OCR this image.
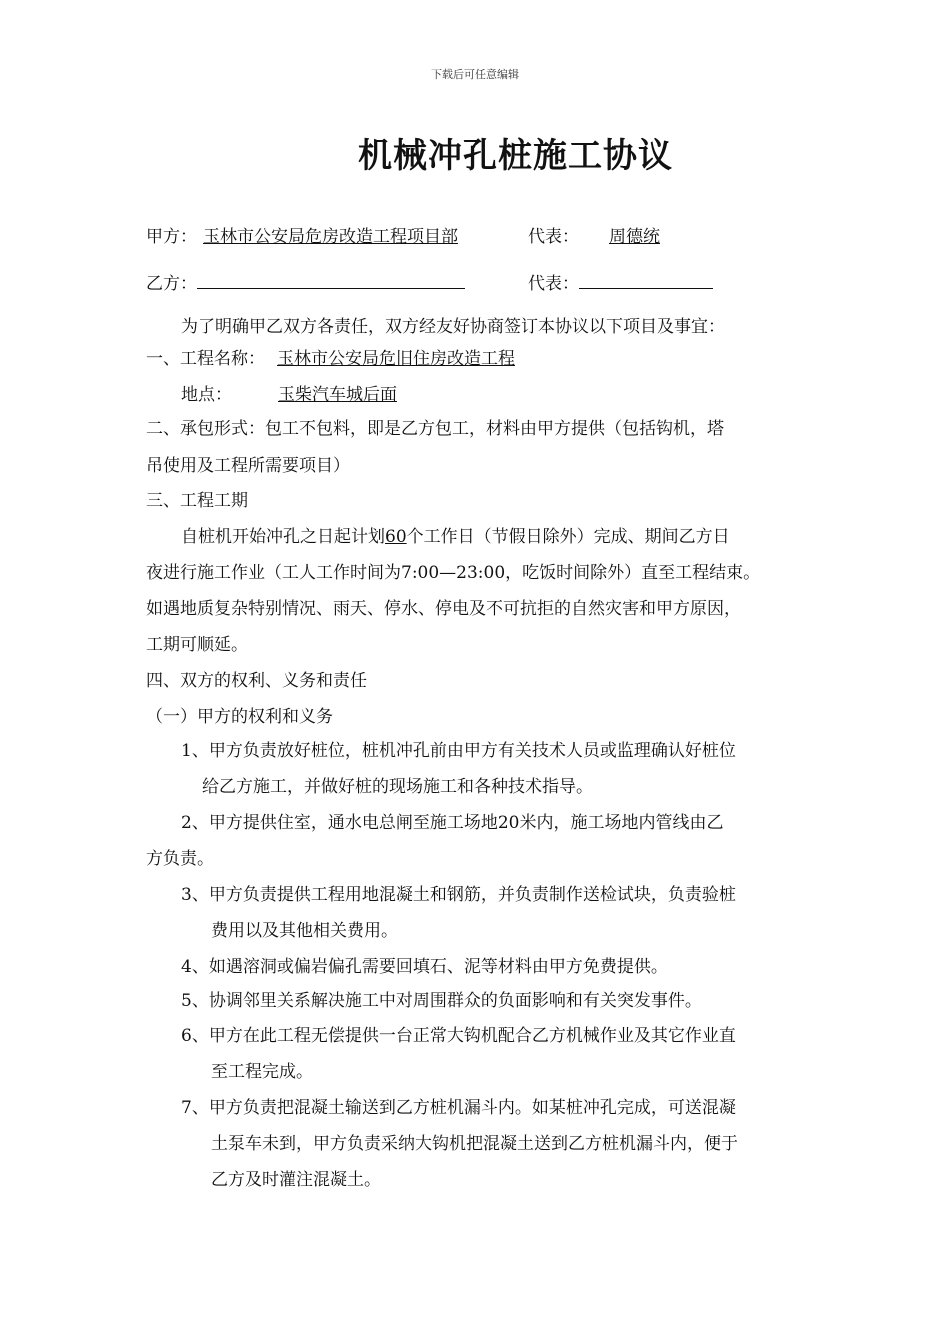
下载后可任意编辑
机械冲孔桩施工协议
甲方： 玉林市公安局危房改造工程项目部	代表： 周德统
乙方：	代表：
为了明确甲乙双方各责任，双方经友好协商签订本协议以下项目及事宜：
一、工程名称： 玉林市公安局危旧住房改造工程
地点：	玉柴汽车城后面
二、承包形式：包工不包料，即是乙方包工，材料由甲方提供（包括钩机，塔
吊使用及工程所需要项目）
三、工程工期
自桩机开始冲孔之日起计划60个工作日（节假日除外）完成、期间乙方日
夜进行施工作业（工人工作时间为7:00—23:00，吃饭时间除外）直至工程结束。
如遇地质复杂特别情况、雨天、停水、停电及不可抗拒的自然灾害和甲方原因，
工期可顺延。
四、双方的权利、义务和责任
（一）甲方的权利和义务
1、甲方负责放好桩位，桩机冲孔前由甲方有关技术人员或监理确认好桩位
给乙方施工，并做好桩的现场施工和各种技术指导。
2、甲方提供住室，通水电总闸至施工场地20米内，施工场地内管线由乙
方负责。
3、甲方负责提供工程用地混凝土和钢筋，并负责制作送检试块，负责验桩
费用以及其他相关费用。
4、如遇溶洞或偏岩偏孔需要回填石、泥等材料由甲方免费提供。
5、协调邻里关系解决施工中对周围群众的负面影响和有关突发事件。
6、甲方在此工程无偿提供一台正常大钩机配合乙方机械作业及其它作业直
至工程完成。
7、甲方负责把混凝土输送到乙方桩机漏斗内。如某桩冲孔完成，可送混凝
土泵车未到，甲方负责采纳大钩机把混凝土送到乙方桩机漏斗内，便于
乙方及时灌注混凝土。
